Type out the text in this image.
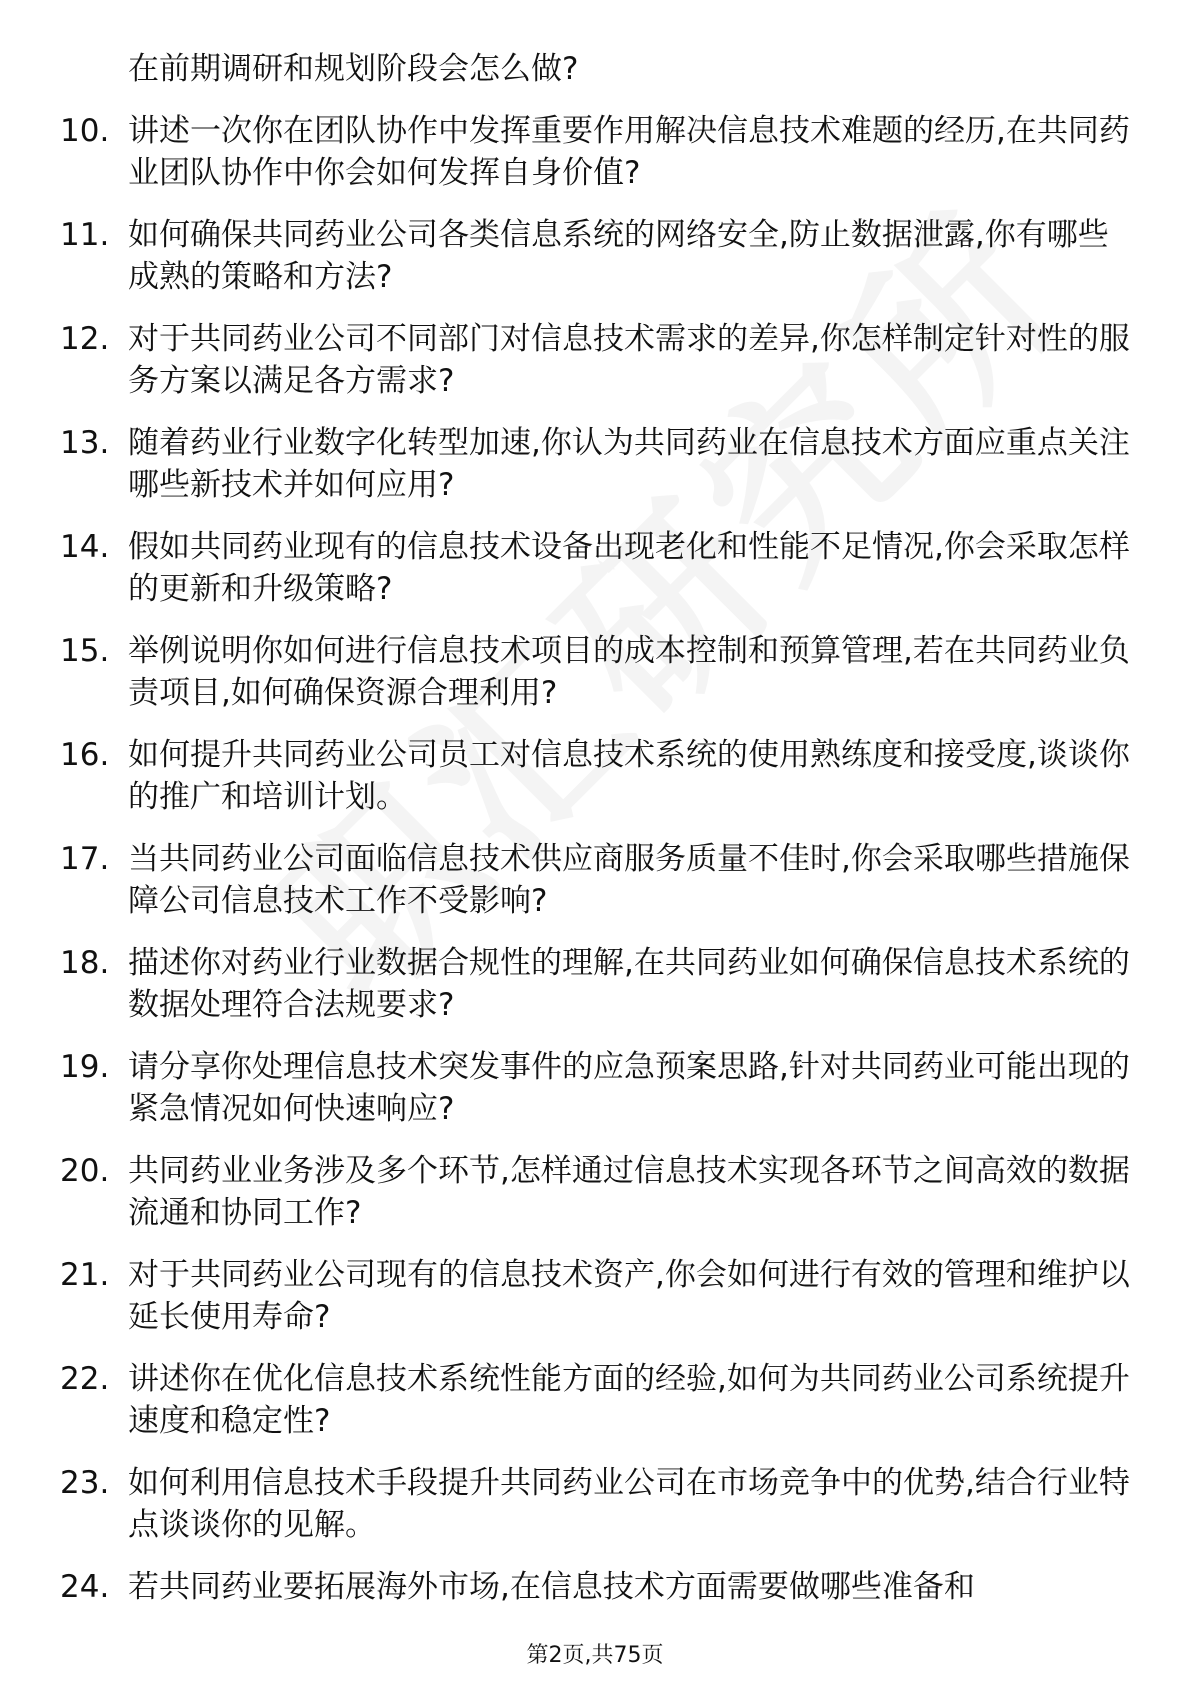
在前期调研和规划阶段会怎么做?
10. 讲述一次你在团队协作中发挥重要作用解决信息技术难题的经历,在共同药业团队协作中你会如何发挥自身价值?
11. 如何确保共同药业公司各类信息系统的网络安全,防止数据泄露,你有哪些成熟的策略和方法?
12. 对于共同药业公司不同部门对信息技术需求的差异,你怎样制定针对性的服务方案以满足各方需求?
13. 随着药业行业数字化转型加速,你认为共同药业在信息技术方面应重点关注哪些新技术并如何应用?
14. 假如共同药业现有的信息技术设备出现老化和性能不足情况,你会采取怎样的更新和升级策略?
15. 举例说明你如何进行信息技术项目的成本控制和预算管理,若在共同药业负责项目,如何确保资源合理利用?
16. 如何提升共同药业公司员工对信息技术系统的使用熟练度和接受度,谈谈你的推广和培训计划。
17. 当共同药业公司面临信息技术供应商服务质量不佳时,你会采取哪些措施保障公司信息技术工作不受影响?
18. 描述你对药业行业数据合规性的理解,在共同药业如何确保信息技术系统的数据处理符合法规要求?
19. 请分享你处理信息技术突发事件的应急预案思路,针对共同药业可能出现的紧急情况如何快速响应?
20. 共同药业业务涉及多个环节,怎样通过信息技术实现各环节之间高效的数据流通和协同工作?
21. 对于共同药业公司现有的信息技术资产,你会如何进行有效的管理和维护以延长使用寿命?
22. 讲述你在优化信息技术系统性能方面的经验,如何为共同药业公司系统提升速度和稳定性?
23. 如何利用信息技术手段提升共同药业公司在市场竞争中的优势,结合行业特点谈谈你的见解。
24. 若共同药业要拓展海外市场,在信息技术方面需要做哪些准备和
第2页,共75页
